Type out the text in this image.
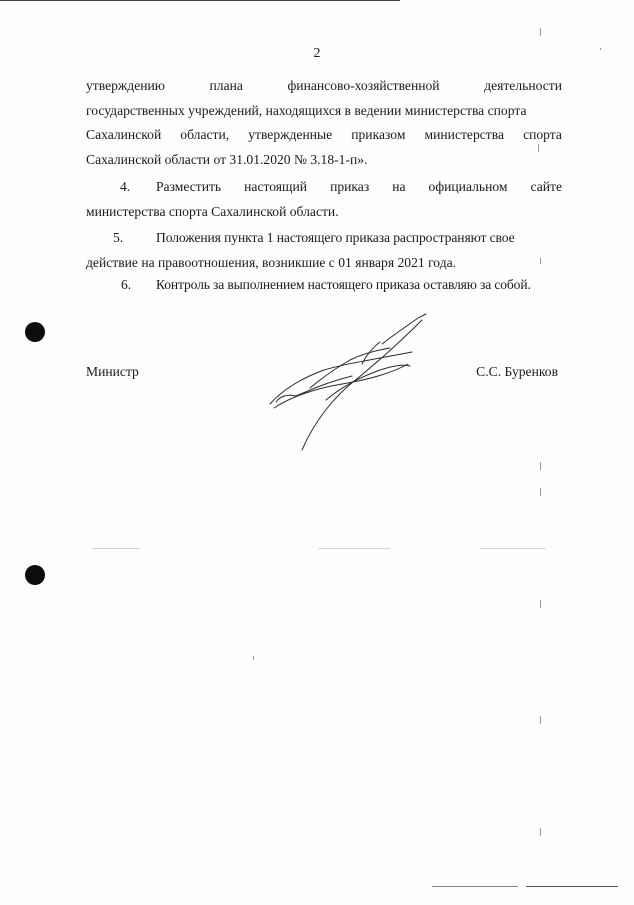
2
утверждению	плана	финансово-хозяйственной	деятельности
государственных учреждений, находящихся в ведении министерства спорта
Сахалинской области, утвержденные приказом министерства спорта
Сахалинской области от 31.01.2020 № 3.18-1-п».
4. Разместить настоящий приказ на официальном сайте
министерства спорта Сахалинской области.
5. Положения пункта 1 настоящего приказа распространяют свое
действие на правоотношения, возникшие с 01 января 2021 года.
6. Контроль за выполнением настоящего приказа оставляю за собой.
Министр	С.С. Буренков
